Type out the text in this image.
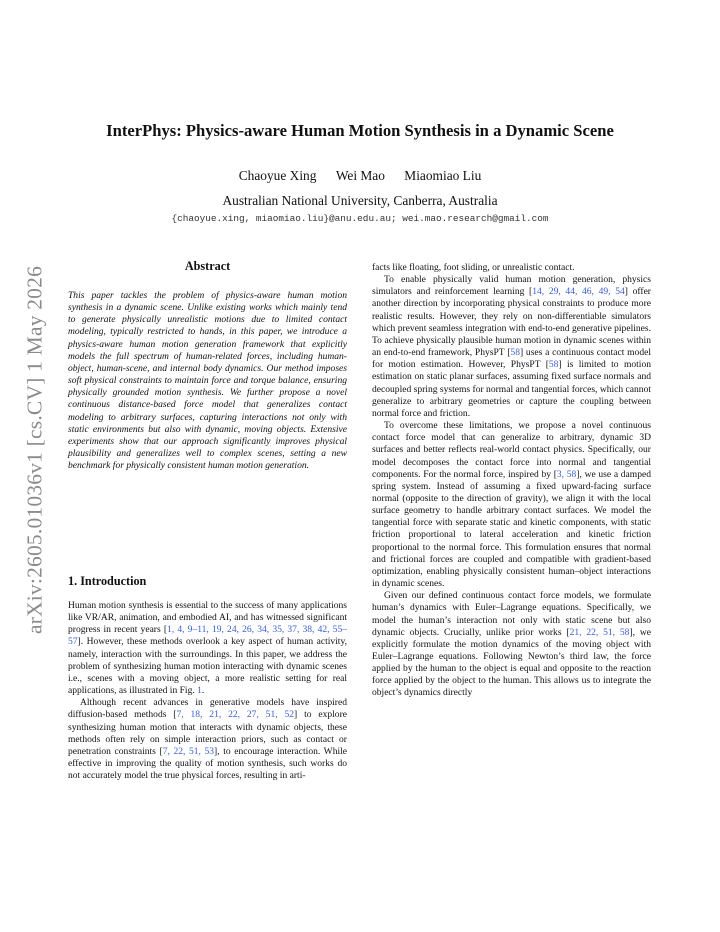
arXiv:2605.01036v1 [cs.CV] 1 May 2026
InterPhys: Physics-aware Human Motion Synthesis in a Dynamic Scene
Chaoyue Xing Wei Mao Miaomiao Liu
Australian National University, Canberra, Australia
{chaoyue.xing, miaomiao.liu}@anu.edu.au; wei.mao.research@gmail.com
Abstract

This paper tackles the problem of physics-aware human motion synthesis in a dynamic scene. Unlike existing works which mainly tend to generate physically unrealistic motions due to limited contact modeling, typically restricted to hands, in this paper, we introduce a physics-aware human motion generation framework that explicitly models the full spectrum of human-related forces, including human-object, human-scene, and internal body dynamics. Our method imposes soft physical constraints to maintain force and torque balance, ensuring physically grounded motion synthesis. We further propose a novel continuous distance-based force model that generalizes contact modeling to arbitrary surfaces, capturing interactions not only with static environments but also with dynamic, moving objects. Extensive experiments show that our approach significantly improves physical plausibility and generalizes well to complex scenes, setting a new benchmark for physically consistent human motion generation.

1. Introduction

Human motion synthesis is essential to the success of many applications like VR/AR, animation, and embodied AI, and has witnessed significant progress in recent years [1, 4, 9–11, 19, 24, 26, 34, 35, 37, 38, 42, 55–57]. However, these methods overlook a key aspect of human activity, namely, interaction with the surroundings. In this paper, we address the problem of synthesizing human motion interacting with dynamic scenes i.e., scenes with a moving object, a more realistic setting for real applications, as illustrated in Fig. 1.

Although recent advances in generative models have inspired diffusion-based methods [7, 18, 21, 22, 27, 51, 52] to explore synthesizing human motion that interacts with dynamic objects, these methods often rely on simple interaction priors, such as contact or penetration constraints [7, 22, 51, 53], to encourage interaction. While effective in improving the quality of motion synthesis, such works do not accurately model the true physical forces, resulting in arti-

facts like floating, foot sliding, or unrealistic contact.

To enable physically valid human motion generation, physics simulators and reinforcement learning [14, 29, 44, 46, 49, 54] offer another direction by incorporating physical constraints to produce more realistic results. However, they rely on non-differentiable simulators which prevent seamless integration with end-to-end generative pipelines. To achieve physically plausible human motion in dynamic scenes within an end-to-end framework, PhysPT [58] uses a continuous contact model for motion estimation. However, PhysPT [58] is limited to motion estimation on static planar surfaces, assuming fixed surface normals and decoupled spring systems for normal and tangential forces, which cannot generalize to arbitrary geometries or capture the coupling between normal force and friction.

To overcome these limitations, we propose a novel continuous contact force model that can generalize to arbitrary, dynamic 3D surfaces and better reflects real-world contact physics. Specifically, our model decomposes the contact force into normal and tangential components. For the normal force, inspired by [3, 58], we use a damped spring system. Instead of assuming a fixed upward-facing surface normal (opposite to the direction of gravity), we align it with the local surface geometry to handle arbitrary contact surfaces. We model the tangential force with separate static and kinetic components, with static friction proportional to lateral acceleration and kinetic friction proportional to the normal force. This formulation ensures that normal and frictional forces are coupled and compatible with gradient-based optimization, enabling physically consistent human–object interactions in dynamic scenes.

Given our defined continuous contact force models, we formulate human’s dynamics with Euler–Lagrange equations. Specifically, we model the human’s interaction not only with static scene but also dynamic objects. Crucially, unlike prior works [21, 22, 51, 58], we explicitly formulate the motion dynamics of the moving object with Euler–Lagrange equations. Following Newton’s third law, the force applied by the human to the object is equal and opposite to the reaction force applied by the object to the human. This allows us to integrate the object’s dynamics directly
